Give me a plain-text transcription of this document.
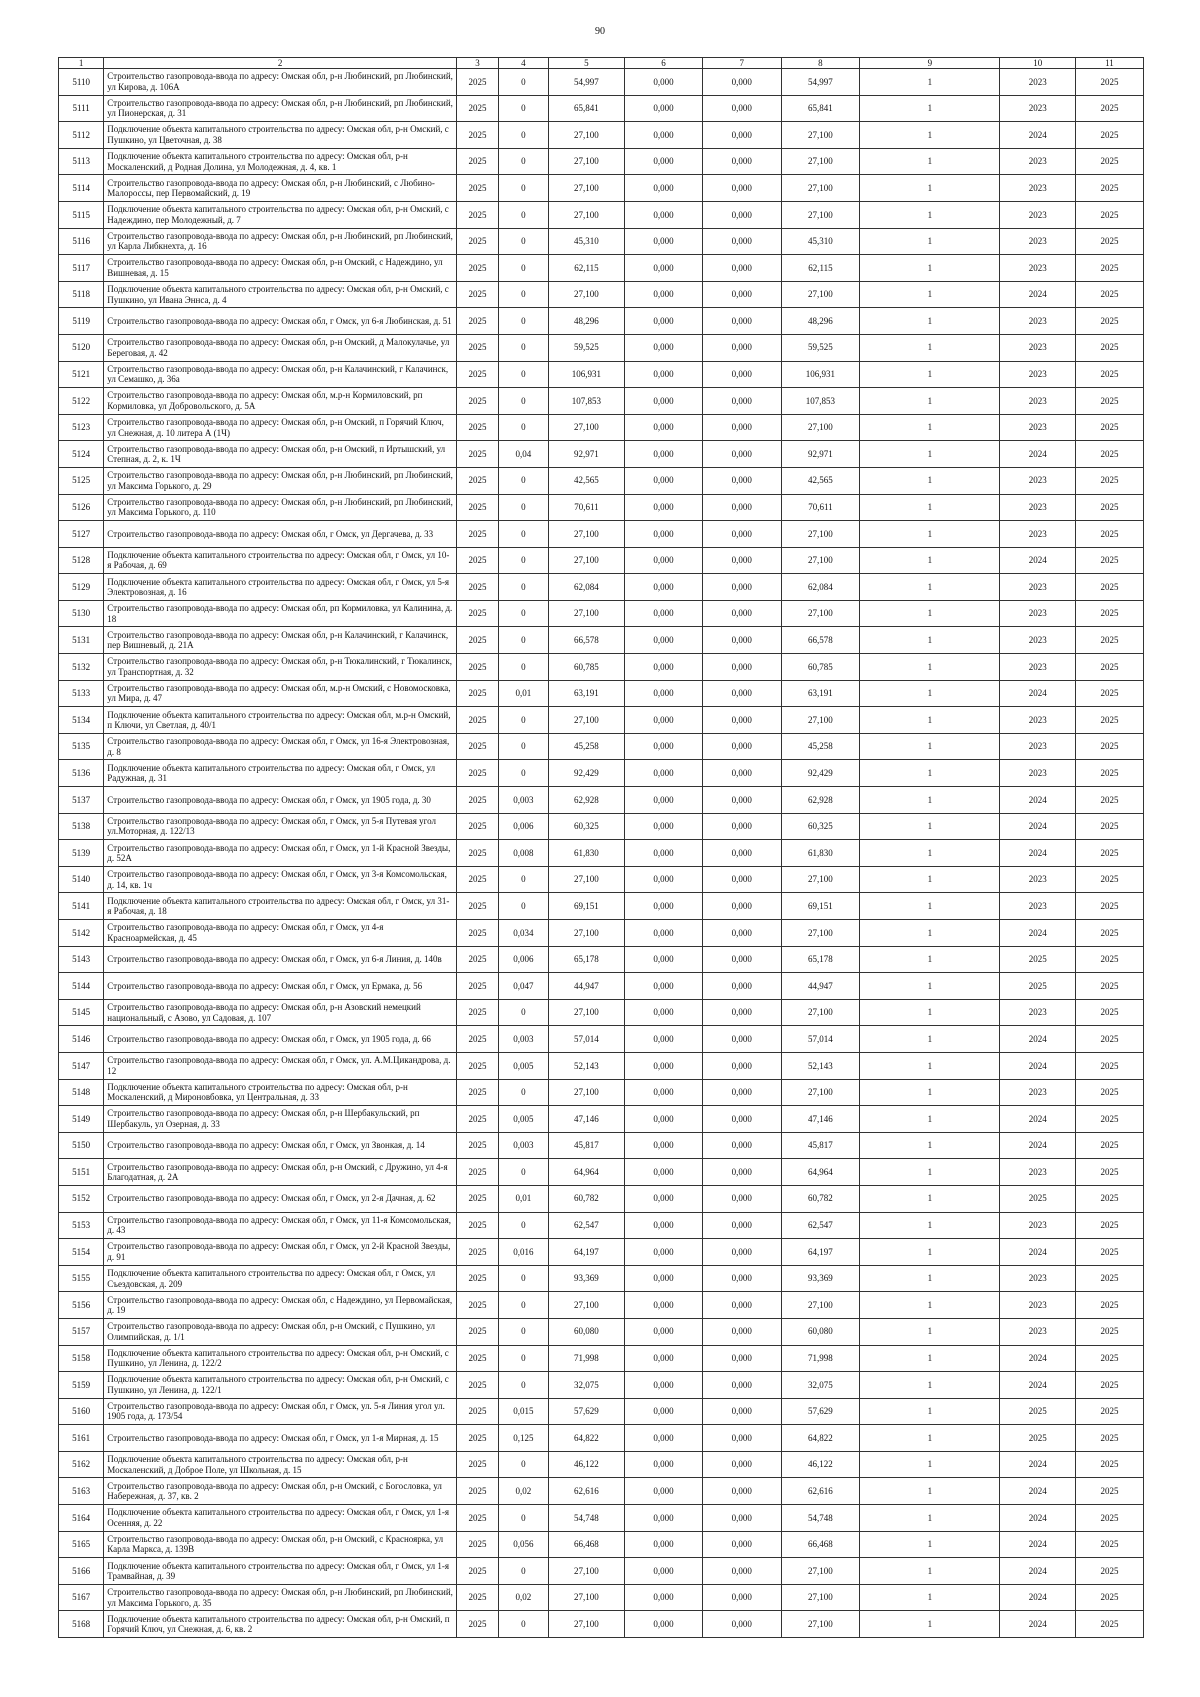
90
1	2	3	4	5	6	7	8	9	10	11
5110	Строительство газопровода-ввода по адресу: Омская обл, р-н Любинский, рп Любинский, ул Кирова, д. 106А	2025	0	54,997	0,000	0,000	54,997	1	2023	2025
5111	Строительство газопровода-ввода по адресу: Омская обл, р-н Любинский, рп Любинский, ул Пионерская, д. 31	2025	0	65,841	0,000	0,000	65,841	1	2023	2025
5112	Подключение объекта капитального строительства по адресу: Омская обл, р-н Омский, с Пушкино, ул Цветочная, д. 38	2025	0	27,100	0,000	0,000	27,100	1	2024	2025
5113	Подключение объекта капитального строительства по адресу: Омская обл, р-н Москаленский, д Родная Долина, ул Молодежная, д. 4, кв. 1	2025	0	27,100	0,000	0,000	27,100	1	2023	2025
5114	Строительство газопровода-ввода по адресу: Омская обл, р-н Любинский, с Любино-Малороссы, пер Первомайский, д. 19	2025	0	27,100	0,000	0,000	27,100	1	2023	2025
5115	Подключение объекта капитального строительства по адресу: Омская обл, р-н Омский, с Надеждино, пер Молодежный, д. 7	2025	0	27,100	0,000	0,000	27,100	1	2023	2025
5116	Строительство газопровода-ввода по адресу: Омская обл, р-н Любинский, рп Любинский, ул Карла Либкнехта, д. 16	2025	0	45,310	0,000	0,000	45,310	1	2023	2025
5117	Строительство газопровода-ввода по адресу: Омская обл, р-н Омский, с Надеждино, ул Вишневая, д. 15	2025	0	62,115	0,000	0,000	62,115	1	2023	2025
5118	Подключение объекта капитального строительства по адресу: Омская обл, р-н Омский, с Пушкино, ул Ивана Эннса, д. 4	2025	0	27,100	0,000	0,000	27,100	1	2024	2025
5119	Строительство газопровода-ввода по адресу: Омская обл, г Омск, ул 6-я Любинская, д. 51	2025	0	48,296	0,000	0,000	48,296	1	2023	2025
5120	Строительство газопровода-ввода по адресу: Омская обл, р-н Омский, д Малокулачье, ул Береговая, д. 42	2025	0	59,525	0,000	0,000	59,525	1	2023	2025
5121	Строительство газопровода-ввода по адресу: Омская обл, р-н Калачинский, г Калачинск, ул Семашко, д. 36а	2025	0	106,931	0,000	0,000	106,931	1	2023	2025
5122	Строительство газопровода-ввода по адресу: Омская обл, м.р-н Кормиловский, рп Кормиловка, ул Добровольского, д. 5А	2025	0	107,853	0,000	0,000	107,853	1	2023	2025
5123	Строительство газопровода-ввода по адресу: Омская обл, р-н Омский, п Горячий Ключ, ул Снежная, д. 10 литера А (1Ч)	2025	0	27,100	0,000	0,000	27,100	1	2023	2025
5124	Строительство газопровода-ввода по адресу: Омская обл, р-н Омский, п Иртышский, ул Степная, д. 2, к. 1Ч	2025	0,04	92,971	0,000	0,000	92,971	1	2024	2025
5125	Строительство газопровода-ввода по адресу: Омская обл, р-н Любинский, рп Любинский, ул Максима Горького, д. 29	2025	0	42,565	0,000	0,000	42,565	1	2023	2025
5126	Строительство газопровода-ввода по адресу: Омская обл, р-н Любинский, рп Любинский, ул Максима Горького, д. 110	2025	0	70,611	0,000	0,000	70,611	1	2023	2025
5127	Строительство газопровода-ввода по адресу: Омская обл, г Омск, ул Дергачева, д. 33	2025	0	27,100	0,000	0,000	27,100	1	2023	2025
5128	Подключение объекта капитального строительства по адресу: Омская обл, г Омск, ул 10-я Рабочая, д. 69	2025	0	27,100	0,000	0,000	27,100	1	2024	2025
5129	Подключение объекта капитального строительства по адресу: Омская обл, г Омск, ул 5-я Электровозная, д. 16	2025	0	62,084	0,000	0,000	62,084	1	2023	2025
5130	Строительство газопровода-ввода по адресу: Омская обл, рп Кормиловка, ул Калинина, д. 18	2025	0	27,100	0,000	0,000	27,100	1	2023	2025
5131	Строительство газопровода-ввода по адресу: Омская обл, р-н Калачинский, г Калачинск, пер Вишневый, д. 21А	2025	0	66,578	0,000	0,000	66,578	1	2023	2025
5132	Строительство газопровода-ввода по адресу: Омская обл, р-н Тюкалинский, г Тюкалинск, ул Транспортная, д. 32	2025	0	60,785	0,000	0,000	60,785	1	2023	2025
5133	Строительство газопровода-ввода по адресу: Омская обл, м.р-н Омский, с Новомосковка, ул Мира, д. 47	2025	0,01	63,191	0,000	0,000	63,191	1	2024	2025
5134	Подключение объекта капитального строительства по адресу: Омская обл, м.р-н Омский, п Ключи, ул Светлая, д. 40/1	2025	0	27,100	0,000	0,000	27,100	1	2023	2025
5135	Строительство газопровода-ввода по адресу: Омская обл, г Омск, ул 16-я Электровозная, д. 8	2025	0	45,258	0,000	0,000	45,258	1	2023	2025
5136	Подключение объекта капитального строительства по адресу: Омская обл, г Омск, ул Радужная, д. 31	2025	0	92,429	0,000	0,000	92,429	1	2023	2025
5137	Строительство газопровода-ввода по адресу: Омская обл, г Омск, ул 1905 года, д. 30	2025	0,003	62,928	0,000	0,000	62,928	1	2024	2025
5138	Строительство газопровода-ввода по адресу: Омская обл, г Омск, ул 5-я Путевая угол ул.Моторная, д. 122/13	2025	0,006	60,325	0,000	0,000	60,325	1	2024	2025
5139	Строительство газопровода-ввода по адресу: Омская обл, г Омск, ул 1-й Красной Звезды, д. 52А	2025	0,008	61,830	0,000	0,000	61,830	1	2024	2025
5140	Строительство газопровода-ввода по адресу: Омская обл, г Омск, ул 3-я Комсомольская, д. 14, кв. 1ч	2025	0	27,100	0,000	0,000	27,100	1	2023	2025
5141	Подключение объекта капитального строительства по адресу: Омская обл, г Омск, ул 31-я Рабочая, д. 18	2025	0	69,151	0,000	0,000	69,151	1	2023	2025
5142	Строительство газопровода-ввода по адресу: Омская обл, г Омск, ул 4-я Красноармейская, д. 45	2025	0,034	27,100	0,000	0,000	27,100	1	2024	2025
5143	Строительство газопровода-ввода по адресу: Омская обл, г Омск, ул 6-я Линия, д. 140в	2025	0,006	65,178	0,000	0,000	65,178	1	2025	2025
5144	Строительство газопровода-ввода по адресу: Омская обл, г Омск, ул Ермака, д. 56	2025	0,047	44,947	0,000	0,000	44,947	1	2025	2025
5145	Строительство газопровода-ввода по адресу: Омская обл, р-н Азовский немецкий национальный, с Азово, ул Садовая, д. 107	2025	0	27,100	0,000	0,000	27,100	1	2023	2025
5146	Строительство газопровода-ввода по адресу: Омская обл, г Омск, ул 1905 года, д. 66	2025	0,003	57,014	0,000	0,000	57,014	1	2024	2025
5147	Строительство газопровода-ввода по адресу: Омская обл, г Омск, ул. А.М.Цикандрова, д. 12	2025	0,005	52,143	0,000	0,000	52,143	1	2024	2025
5148	Подключение объекта капитального строительства по адресу: Омская обл, р-н Москаленский, д Мироновбовка, ул Центральная, д. 33	2025	0	27,100	0,000	0,000	27,100	1	2023	2025
5149	Строительство газопровода-ввода по адресу: Омская обл, р-н Шербакульский, рп Шербакуль, ул Озерная, д. 33	2025	0,005	47,146	0,000	0,000	47,146	1	2024	2025
5150	Строительство газопровода-ввода по адресу: Омская обл, г Омск, ул Звонкая, д. 14	2025	0,003	45,817	0,000	0,000	45,817	1	2024	2025
5151	Строительство газопровода-ввода по адресу: Омская обл, р-н Омский, с Дружино, ул 4-я Благодатная, д. 2А	2025	0	64,964	0,000	0,000	64,964	1	2023	2025
5152	Строительство газопровода-ввода по адресу: Омская обл, г Омск, ул 2-я Дачная, д. 62	2025	0,01	60,782	0,000	0,000	60,782	1	2025	2025
5153	Строительство газопровода-ввода по адресу: Омская обл, г Омск, ул 11-я Комсомольская, д. 43	2025	0	62,547	0,000	0,000	62,547	1	2023	2025
5154	Строительство газопровода-ввода по адресу: Омская обл, г Омск, ул 2-й Красной Звезды, д. 91	2025	0,016	64,197	0,000	0,000	64,197	1	2024	2025
5155	Подключение объекта капитального строительства по адресу: Омская обл, г Омск, ул Съездовская, д. 209	2025	0	93,369	0,000	0,000	93,369	1	2023	2025
5156	Строительство газопровода-ввода по адресу: Омская обл, с Надеждино, ул Первомайская, д. 19	2025	0	27,100	0,000	0,000	27,100	1	2023	2025
5157	Строительство газопровода-ввода по адресу: Омская обл, р-н Омский, с Пушкино, ул Олимпийская, д. 1/1	2025	0	60,080	0,000	0,000	60,080	1	2023	2025
5158	Подключение объекта капитального строительства по адресу: Омская обл, р-н Омский, с Пушкино, ул Ленина, д. 122/2	2025	0	71,998	0,000	0,000	71,998	1	2024	2025
5159	Подключение объекта капитального строительства по адресу: Омская обл, р-н Омский, с Пушкино, ул Ленина, д. 122/1	2025	0	32,075	0,000	0,000	32,075	1	2024	2025
5160	Строительство газопровода-ввода по адресу: Омская обл, г Омск, ул. 5-я Линия угол ул. 1905 года, д. 173/54	2025	0,015	57,629	0,000	0,000	57,629	1	2025	2025
5161	Строительство газопровода-ввода по адресу: Омская обл, г Омск, ул 1-я Мирная, д. 15	2025	0,125	64,822	0,000	0,000	64,822	1	2025	2025
5162	Подключение объекта капитального строительства по адресу: Омская обл, р-н Москаленский, д Доброе Поле, ул Школьная, д. 15	2025	0	46,122	0,000	0,000	46,122	1	2024	2025
5163	Строительство газопровода-ввода по адресу: Омская обл, р-н Омский, с Богословка, ул Набережная, д. 37, кв. 2	2025	0,02	62,616	0,000	0,000	62,616	1	2024	2025
5164	Подключение объекта капитального строительства по адресу: Омская обл, г Омск, ул 1-я Осенняя, д. 22	2025	0	54,748	0,000	0,000	54,748	1	2024	2025
5165	Строительство газопровода-ввода по адресу: Омская обл, р-н Омский, с Красноярка, ул Карла Маркса, д. 139В	2025	0,056	66,468	0,000	0,000	66,468	1	2024	2025
5166	Подключение объекта капитального строительства по адресу: Омская обл, г Омск, ул 1-я Трамвайная, д. 39	2025	0	27,100	0,000	0,000	27,100	1	2024	2025
5167	Строительство газопровода-ввода по адресу: Омская обл, р-н Любинский, рп Любинский, ул Максима Горького, д. 35	2025	0,02	27,100	0,000	0,000	27,100	1	2024	2025
5168	Подключение объекта капитального строительства по адресу: Омская обл, р-н Омский, п Горячий Ключ, ул Снежная, д. 6, кв. 2	2025	0	27,100	0,000	0,000	27,100	1	2024	2025
